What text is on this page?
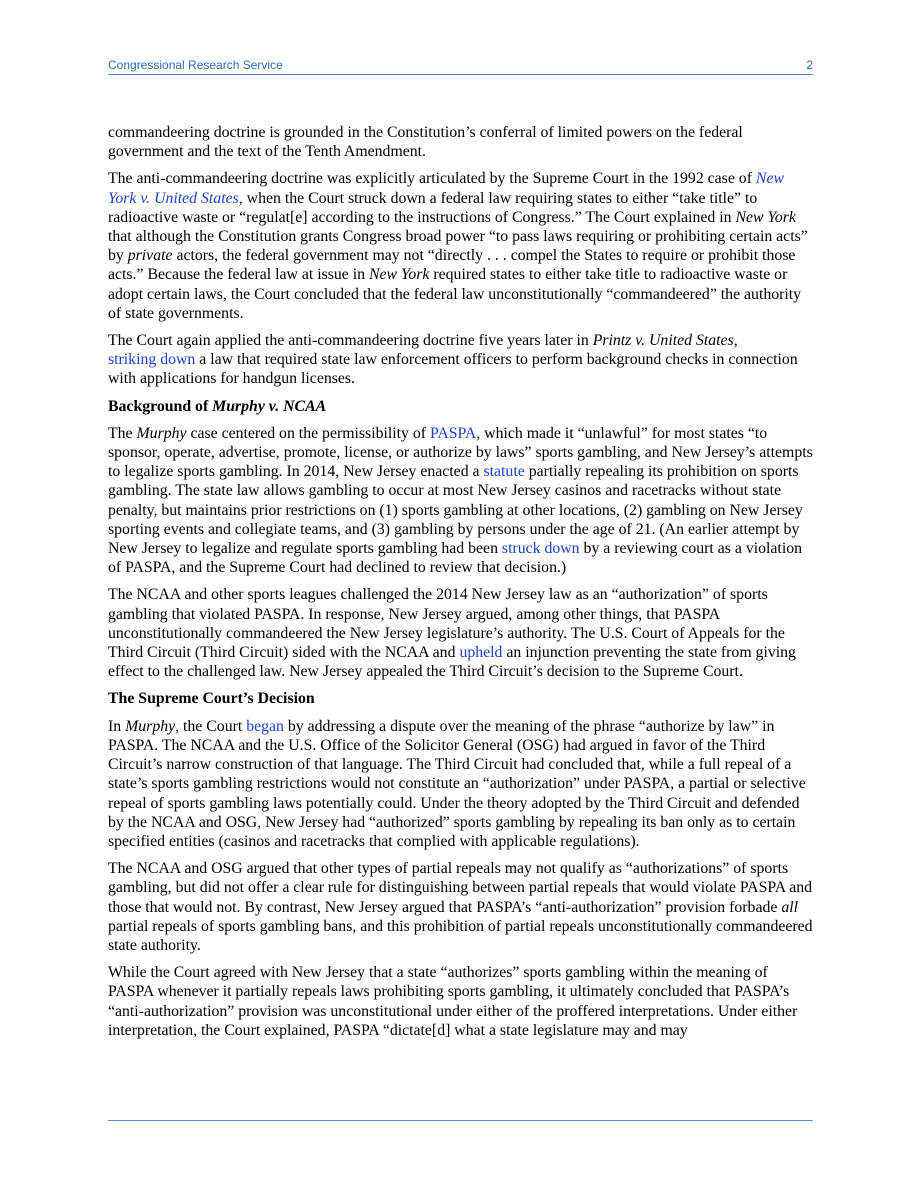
Congressional Research Service	2

commandeering doctrine is grounded in the Constitution’s conferral of limited powers on the federal government and the text of the Tenth Amendment.

The anti-commandeering doctrine was explicitly articulated by the Supreme Court in the 1992 case of New York v. United States, when the Court struck down a federal law requiring states to either “take title” to radioactive waste or “regulat[e] according to the instructions of Congress.” The Court explained in New York that although the Constitution grants Congress broad power “to pass laws requiring or prohibiting certain acts” by private actors, the federal government may not “directly . . . compel the States to require or prohibit those acts.” Because the federal law at issue in New York required states to either take title to radioactive waste or adopt certain laws, the Court concluded that the federal law unconstitutionally “commandeered” the authority of state governments.

The Court again applied the anti-commandeering doctrine five years later in Printz v. United States,
striking down a law that required state law enforcement officers to perform background checks in connection with applications for handgun licenses.

Background of Murphy v. NCAA

The Murphy case centered on the permissibility of PASPA, which made it “unlawful” for most states “to sponsor, operate, advertise, promote, license, or authorize by laws” sports gambling, and New Jersey’s attempts to legalize sports gambling. In 2014, New Jersey enacted a statute partially repealing its prohibition on sports gambling. The state law allows gambling to occur at most New Jersey casinos and racetracks without state penalty, but maintains prior restrictions on (1) sports gambling at other locations, (2) gambling on New Jersey sporting events and collegiate teams, and (3) gambling by persons under the age of 21. (An earlier attempt by New Jersey to legalize and regulate sports gambling had been struck down by a reviewing court as a violation of PASPA, and the Supreme Court had declined to review that decision.)

The NCAA and other sports leagues challenged the 2014 New Jersey law as an “authorization” of sports gambling that violated PASPA. In response, New Jersey argued, among other things, that PASPA unconstitutionally commandeered the New Jersey legislature’s authority. The U.S. Court of Appeals for the Third Circuit (Third Circuit) sided with the NCAA and upheld an injunction preventing the state from giving effect to the challenged law. New Jersey appealed the Third Circuit’s decision to the Supreme Court.

The Supreme Court’s Decision

In Murphy, the Court began by addressing a dispute over the meaning of the phrase “authorize by law” in PASPA. The NCAA and the U.S. Office of the Solicitor General (OSG) had argued in favor of the Third Circuit’s narrow construction of that language. The Third Circuit had concluded that, while a full repeal of a state’s sports gambling restrictions would not constitute an “authorization” under PASPA, a partial or selective repeal of sports gambling laws potentially could. Under the theory adopted by the Third Circuit and defended by the NCAA and OSG, New Jersey had “authorized” sports gambling by repealing its ban only as to certain specified entities (casinos and racetracks that complied with applicable regulations).

The NCAA and OSG argued that other types of partial repeals may not qualify as “authorizations” of sports gambling, but did not offer a clear rule for distinguishing between partial repeals that would violate PASPA and those that would not. By contrast, New Jersey argued that PASPA’s “anti-authorization” provision forbade all partial repeals of sports gambling bans, and this prohibition of partial repeals unconstitutionally commandeered state authority.

While the Court agreed with New Jersey that a state “authorizes” sports gambling within the meaning of PASPA whenever it partially repeals laws prohibiting sports gambling, it ultimately concluded that PASPA’s “anti-authorization” provision was unconstitutional under either of the proffered interpretations. Under either interpretation, the Court explained, PASPA “dictate[d] what a state legislature may and may
